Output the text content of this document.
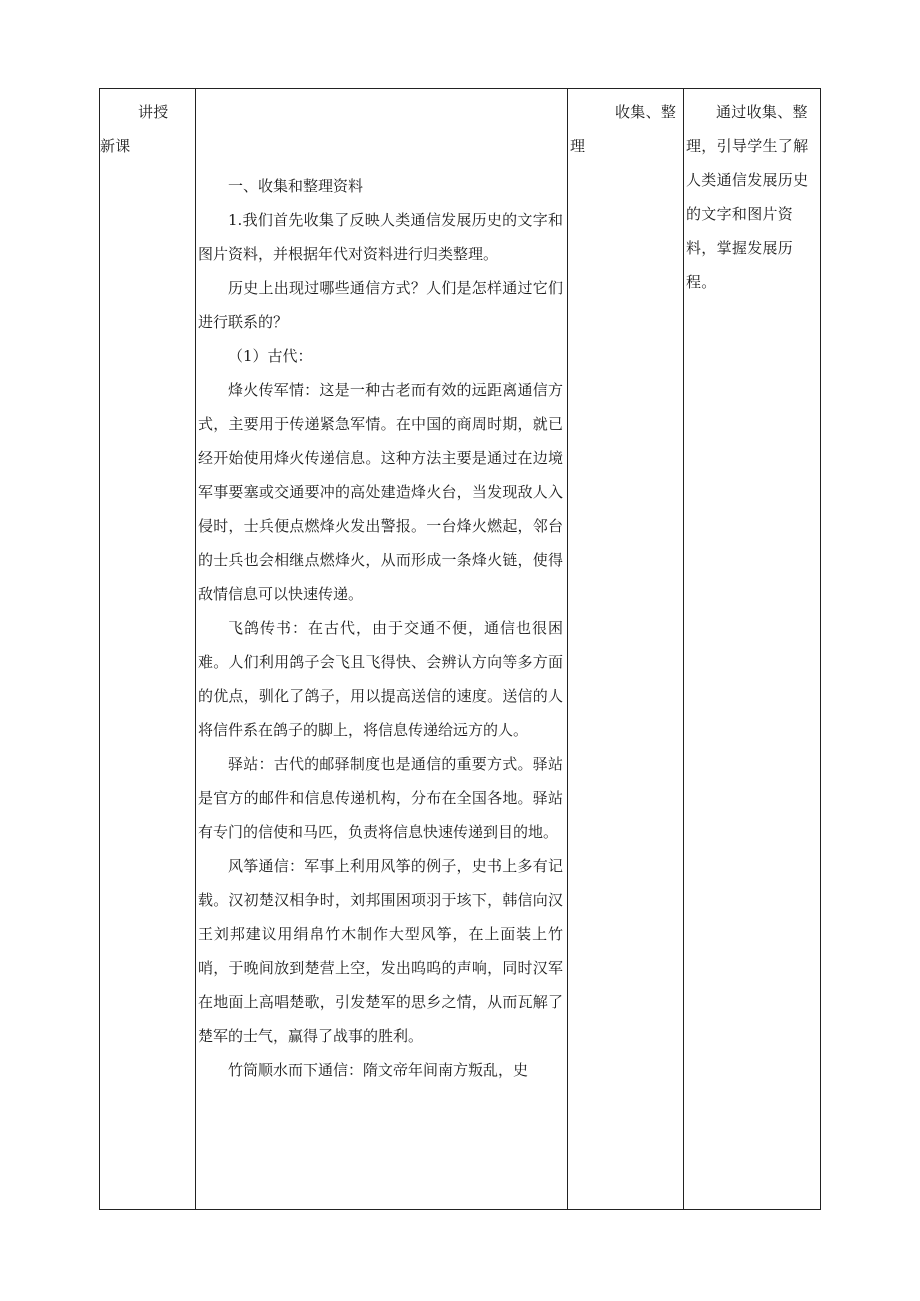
讲授
新课

一、收集和整理资料

1.我们首先收集了反映人类通信发展历史的文字和图片资料，并根据年代对资料进行归类整理。

历史上出现过哪些通信方式？人们是怎样通过它们进行联系的？

（1）古代：

烽火传军情：这是一种古老而有效的远距离通信方式，主要用于传递紧急军情。在中国的商周时期，就已经开始使用烽火传递信息。这种方法主要是通过在边境军事要塞或交通要冲的高处建造烽火台，当发现敌人入侵时，士兵便点燃烽火发出警报。一台烽火燃起，邻台的士兵也会相继点燃烽火，从而形成一条烽火链，使得敌情信息可以快速传递。

飞鸽传书：在古代，由于交通不便，通信也很困难。人们利用鸽子会飞且飞得快、会辨认方向等多方面的优点，驯化了鸽子，用以提高送信的速度。送信的人将信件系在鸽子的脚上，将信息传递给远方的人。

驿站：古代的邮驿制度也是通信的重要方式。驿站是官方的邮件和信息传递机构，分布在全国各地。驿站有专门的信使和马匹，负责将信息快速传递到目的地。

风筝通信：军事上利用风筝的例子，史书上多有记载。汉初楚汉相争时，刘邦围困项羽于垓下，韩信向汉王刘邦建议用绢帛竹木制作大型风筝，在上面装上竹哨，于晚间放到楚营上空，发出呜呜的声响，同时汉军在地面上高唱楚歌，引发楚军的思乡之情，从而瓦解了楚军的士气，赢得了战事的胜利。

竹筒顺水而下通信：隋文帝年间南方叛乱，史

收集、整理
通过收集、整理，引导学生了解人类通信发展历史的文字和图片资料，掌握发展历程。
